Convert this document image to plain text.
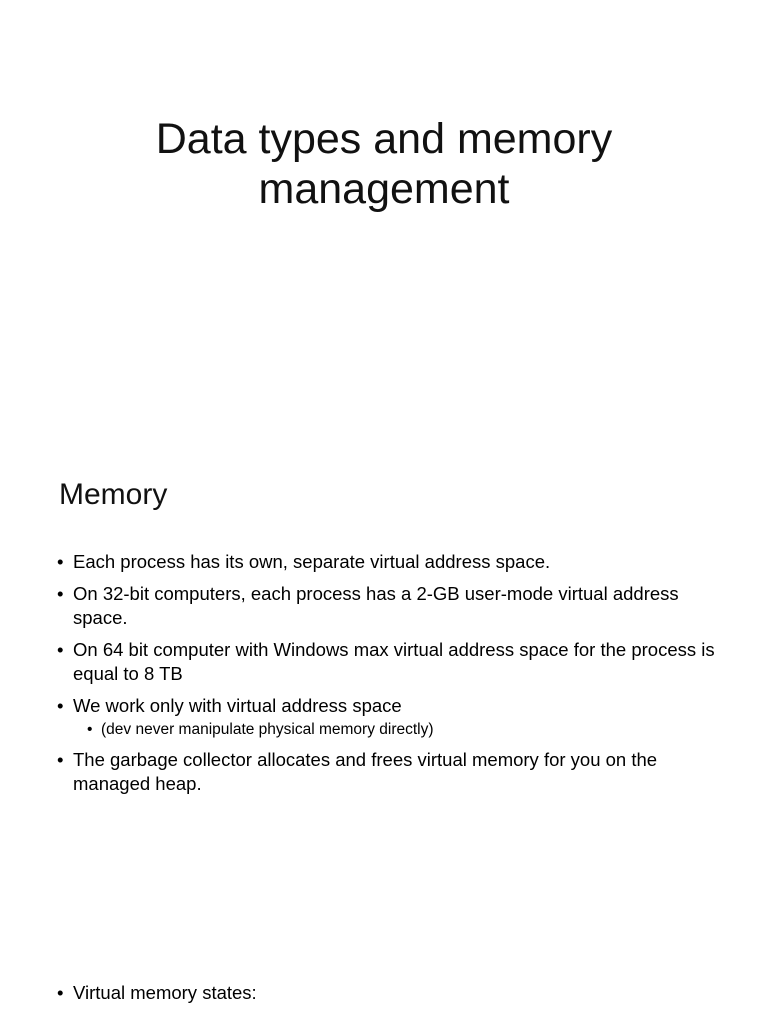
Data types and memory
management
Memory
• Each process has its own, separate virtual address space.
• On 32-bit computers, each process has a 2-GB user-mode virtual address space.
• On 64 bit computer with Windows max virtual address space for the process is equal to 8 TB
• We work only with virtual address space
• (dev never manipulate physical memory directly)
• The garbage collector allocates and frees virtual memory for you on the managed heap.
• Virtual memory states:
